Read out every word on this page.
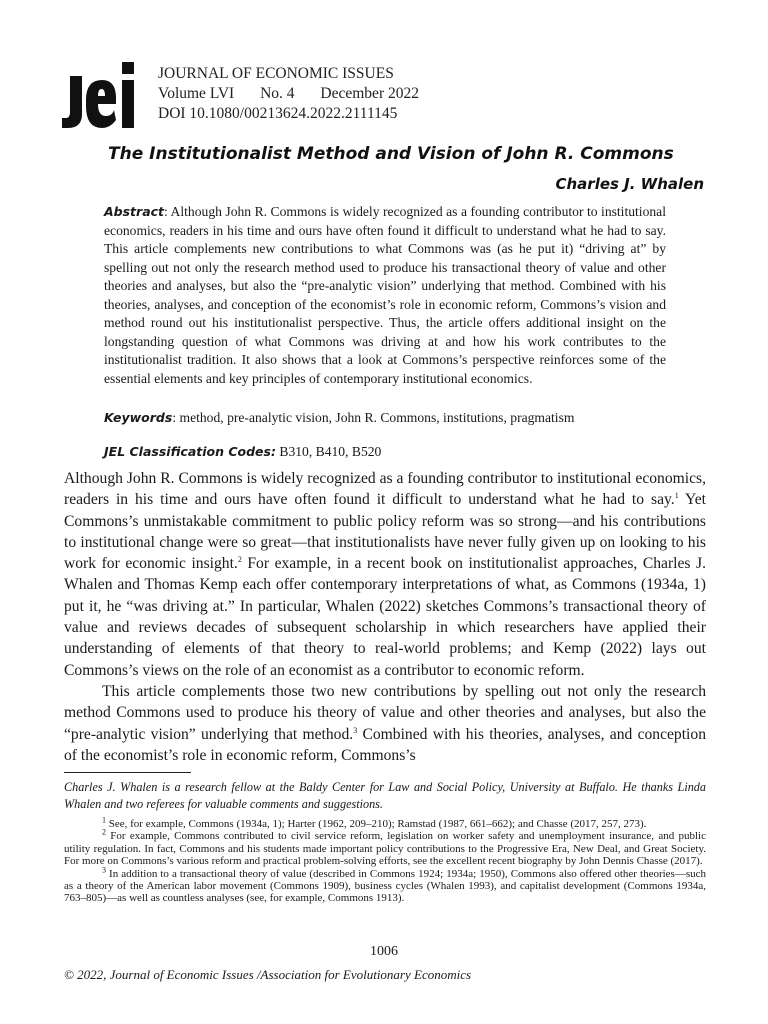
JOURNAL OF ECONOMIC ISSUES
Volume LVI No. 4 December 2022
DOI 10.1080/00213624.2022.2111145
The Institutionalist Method and Vision of John R. Commons
Charles J. Whalen
Abstract: Although John R. Commons is widely recognized as a founding contributor to institutional economics, readers in his time and ours have often found it difficult to understand what he had to say. This article complements new contributions to what Commons was (as he put it) “driving at” by spelling out not only the research method used to produce his transactional theory of value and other theories and analyses, but also the “pre-analytic vision” underlying that method. Combined with his theories, analyses, and conception of the economist’s role in economic reform, Commons’s vision and method round out his institutionalist perspective. Thus, the article offers additional insight on the longstanding question of what Commons was driving at and how his work contributes to the institutionalist tradition. It also shows that a look at Commons’s perspective reinforces some of the essential elements and key principles of contemporary institutional economics.
Keywords: method, pre-analytic vision, John R. Commons, institutions, pragmatism
JEL Classification Codes: B310, B410, B520

Although John R. Commons is widely recognized as a founding contributor to institutional economics, readers in his time and ours have often found it difficult to understand what he had to say.$^1$ Yet Commons’s unmistakable commitment to public policy reform was so strong—and his contributions to institutional change were so great—that institutionalists have never fully given up on looking to his work for economic insight.$^2$ For example, in a recent book on institutionalist approaches, Charles J. Whalen and Thomas Kemp each offer contemporary interpretations of what, as Commons (1934a, 1) put it, he “was driving at.” In particular, Whalen (2022) sketches Commons’s transactional theory of value and reviews decades of subsequent scholarship in which researchers have applied their understanding of elements of that theory to real-world problems; and Kemp (2022) lays out Commons’s views on the role of an economist as a contributor to economic reform.

This article complements those two new contributions by spelling out not only the research method Commons used to produce his theory of value and other theories and analyses, but also the “pre-analytic vision” underlying that method.$^3$ Combined with his theories, analyses, and conception of the economist’s role in economic reform, Commons’s

Charles J. Whalen is a research fellow at the Baldy Center for Law and Social Policy, University at Buffalo. He thanks Linda Whalen and two referees for valuable comments and suggestions.

$^1$ See, for example, Commons (1934a, 1); Harter (1962, 209–210); Ramstad (1987, 661–662); and Chasse (2017, 257, 273).

$^2$ For example, Commons contributed to civil service reform, legislation on worker safety and unemployment insurance, and public utility regulation. In fact, Commons and his students made important policy contributions to the Progressive Era, New Deal, and Great Society. For more on Commons’s various reform and practical problem-solving efforts, see the excellent recent biography by John Dennis Chasse (2017).

$^3$ In addition to a transactional theory of value (described in Commons 1924; 1934a; 1950), Commons also offered other theories—such as a theory of the American labor movement (Commons 1909), business cycles (Whalen 1993), and capitalist development (Commons 1934a, 763–805)—as well as countless analyses (see, for example, Commons 1913).

1006
© 2022, Journal of Economic Issues /Association for Evolutionary Economics
